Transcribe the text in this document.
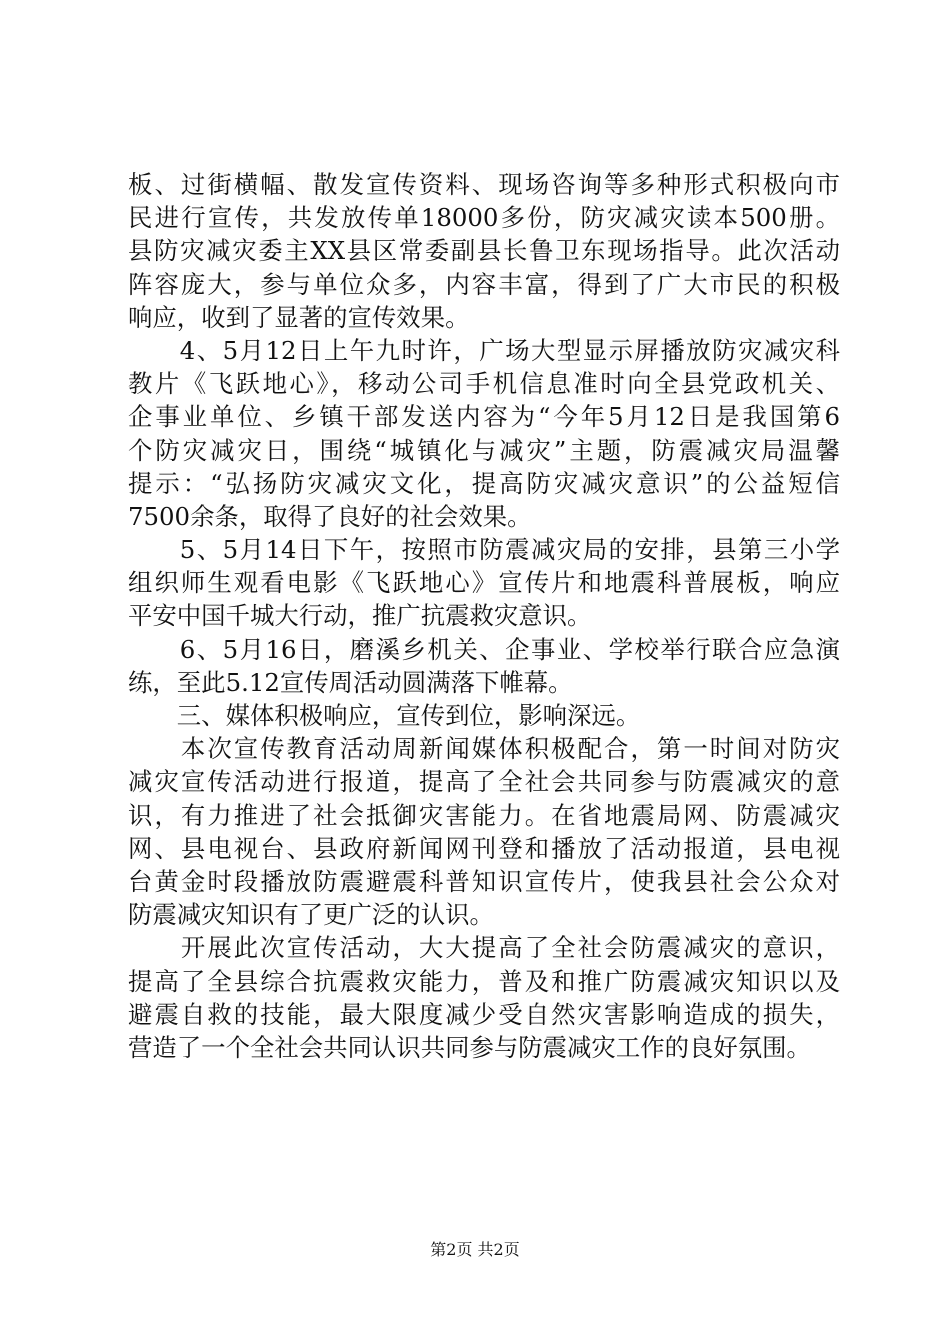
板、过街横幅、散发宣传资料、现场咨询等多种形式积极向市
民进行宣传，共发放传单18000多份，防灾减灾读本500册。
县防灾减灾委主XX县区常委副县长鲁卫东现场指导。此次活动
阵容庞大，参与单位众多，内容丰富，得到了广大市民的积极
响应，收到了显著的宣传效果。
　　4、5月12日上午九时许，广场大型显示屏播放防灾减灾科
教片《飞跃地心》，移动公司手机信息准时向全县党政机关、
企事业单位、乡镇干部发送内容为“今年5月12日是我国第6
个防灾减灾日，围绕“城镇化与减灾”主题，防震减灾局温馨
提示：“弘扬防灾减灾文化，提高防灾减灾意识”的公益短信
7500余条，取得了良好的社会效果。
　　5、5月14日下午，按照市防震减灾局的安排，县第三小学
组织师生观看电影《飞跃地心》宣传片和地震科普展板，响应
平安中国千城大行动，推广抗震救灾意识。
　　6、5月16日，磨溪乡机关、企事业、学校举行联合应急演
练，至此5.12宣传周活动圆满落下帷幕。
　　三、媒体积极响应，宣传到位，影响深远。
　　本次宣传教育活动周新闻媒体积极配合，第一时间对防灾
减灾宣传活动进行报道，提高了全社会共同参与防震减灾的意
识，有力推进了社会抵御灾害能力。在省地震局网、防震减灾
网、县电视台、县政府新闻网刊登和播放了活动报道，县电视
台黄金时段播放防震避震科普知识宣传片，使我县社会公众对
防震减灾知识有了更广泛的认识。
　　开展此次宣传活动，大大提高了全社会防震减灾的意识，
提高了全县综合抗震救灾能力，普及和推广防震减灾知识以及
避震自救的技能，最大限度减少受自然灾害影响造成的损失，
营造了一个全社会共同认识共同参与防震减灾工作的良好氛围。
第2页 共2页
